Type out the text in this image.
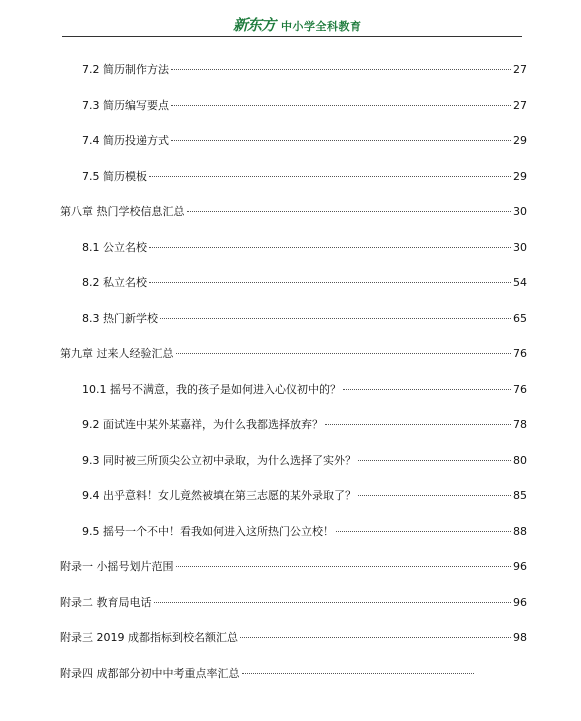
新东方 中小学全科教育
7.2 简历制作方法	27
7.3 简历编写要点	27
7.4 简历投递方式	29
7.5 简历模板	29
第八章 热门学校信息汇总	30
8.1 公立名校	30
8.2 私立名校	54
8.3 热门新学校	65
第九章 过来人经验汇总	76
10.1 摇号不满意，我的孩子是如何进入心仪初中的？	76
9.2 面试连中某外某嘉祥，为什么我都选择放弃？	78
9.3 同时被三所顶尖公立初中录取，为什么选择了实外？	80
9.4 出乎意料！女儿竟然被填在第三志愿的某外录取了？	85
9.5 摇号一个不中！看我如何进入这所热门公立校！	88
附录一 小摇号划片范围	96
附录二 教育局电话	96
附录三 2019 成都指标到校名额汇总	98
附录四 成都部分初中中考重点率汇总
